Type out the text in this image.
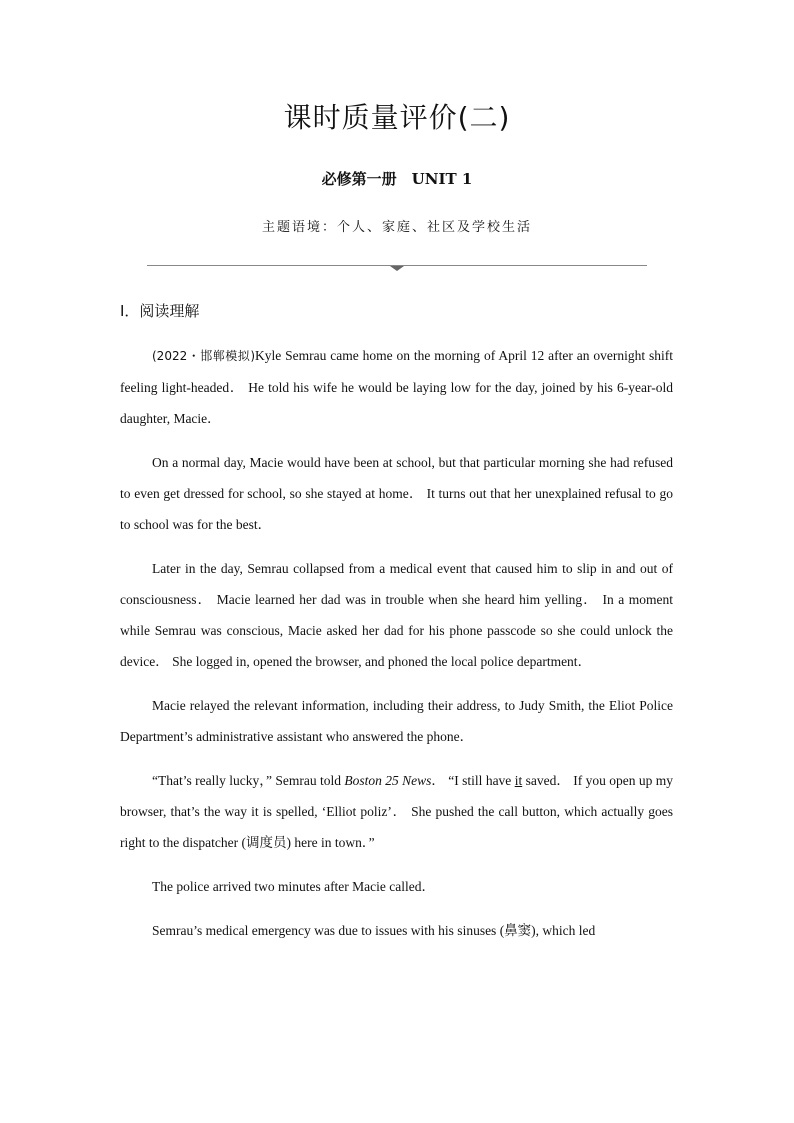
课时质量评价(二)
必修第一册　UNIT 1
主题语境：个人、家庭、社区及学校生活
Ⅰ．阅读理解

(2022・邯郸模拟)Kyle Semrau came home on the morning of April 12 after an overnight shift feeling light-headed． He told his wife he would be laying low for the day, joined by his 6-year-old daughter, Macie．

On a normal day, Macie would have been at school, but that particular morning she had refused to even get dressed for school, so she stayed at home． It turns out that her unexplained refusal to go to school was for the best．

Later in the day, Semrau collapsed from a medical event that caused him to slip in and out of consciousness． Macie learned her dad was in trouble when she heard him yelling． In a moment while Semrau was conscious, Macie asked her dad for his phone passcode so she could unlock the device． She logged in, opened the browser, and phoned the local police department．

Macie relayed the relevant information, including their address, to Judy Smith, the Eliot Police Department’s administrative assistant who answered the phone．

“That’s really lucky，” Semrau told Boston 25 News． “I still have it saved． If you open up my browser, that’s the way it is spelled, ‘Elliot poliz’． She pushed the call button, which actually goes right to the dispatcher (调度员) here in town．”

The police arrived two minutes after Macie called．

Semrau’s medical emergency was due to issues with his sinuses (鼻窦), which led
